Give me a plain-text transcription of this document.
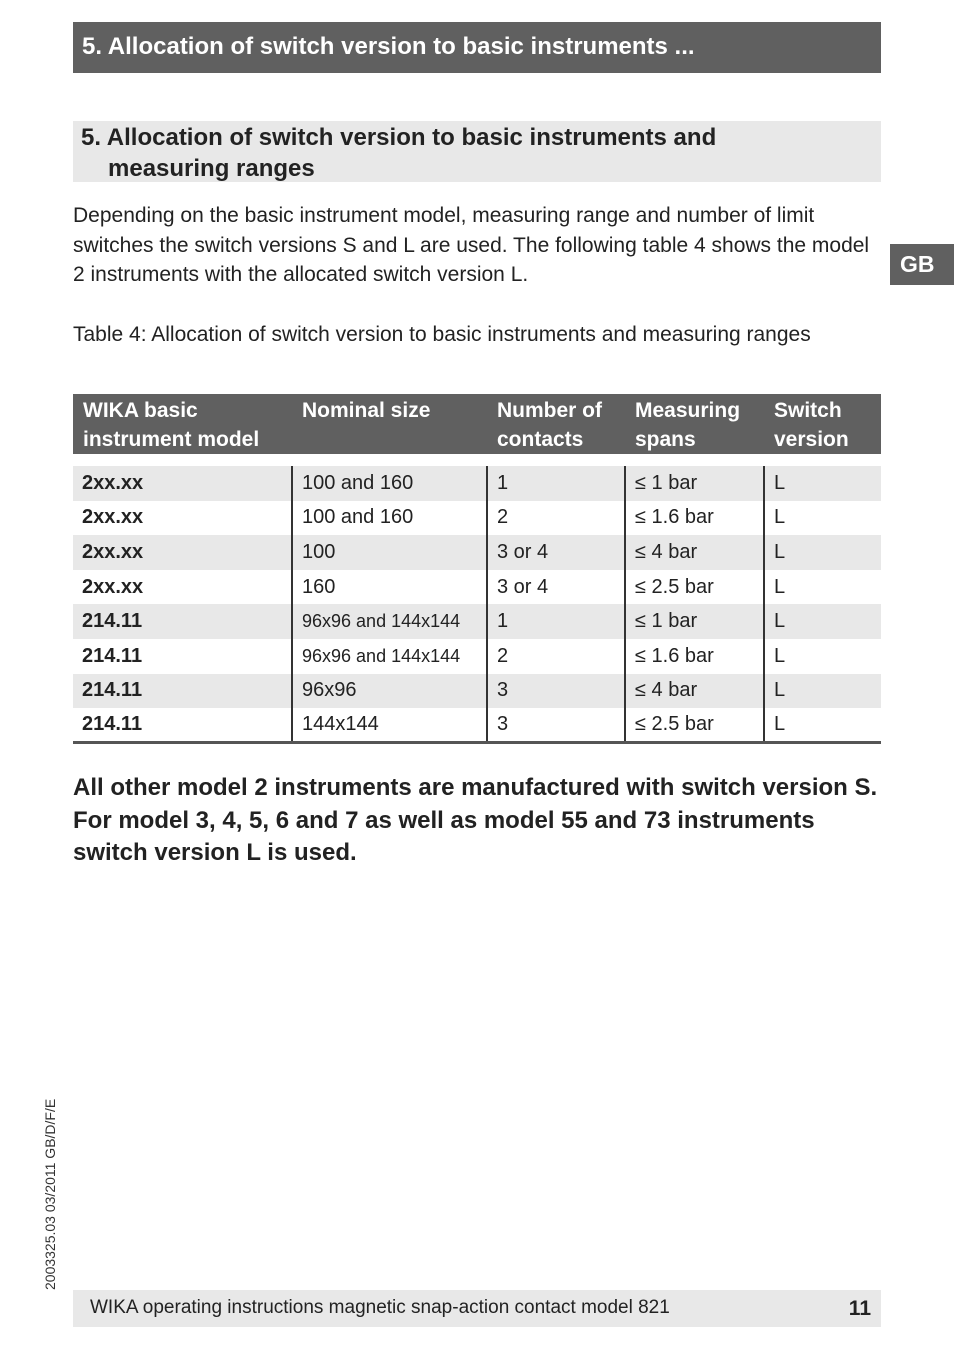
5. Allocation of switch version to basic instruments ...
5. Allocation of switch version to basic instruments and
measuring ranges

Depending on the basic instrument model, measuring range and number of limit switches the switch versions S and L are used. The following table 4 shows the model 2 instruments with the allocated switch version L.	GB

Table 4: Allocation of switch version to basic instruments and measuring ranges

WIKA basic instrument model	Nominal size	Number of contacts	Measuring spans	Switch version

2xx.xx	100 and 160	1	≤ 1 bar	L
2xx.xx	100 and 160	2	≤ 1.6 bar	L
2xx.xx	100	3 or 4	≤ 4 bar	L
2xx.xx	160	3 or 4	≤ 2.5 bar	L
214.11	96x96 and 144x144	1	≤ 1 bar	L
214.11	96x96 and 144x144	2	≤ 1.6 bar	L
214.11	96x96	3	≤ 4 bar	L
214.11	144x144	3	≤ 2.5 bar	L

All other model 2 instruments are manufactured with switch version S.
For model 3, 4, 5, 6 and 7 as well as model 55 and 73 instruments switch version L is used.

2003325.03 03/2011 GB/D/F/E
WIKA operating instructions magnetic snap-action contact model 821	11
